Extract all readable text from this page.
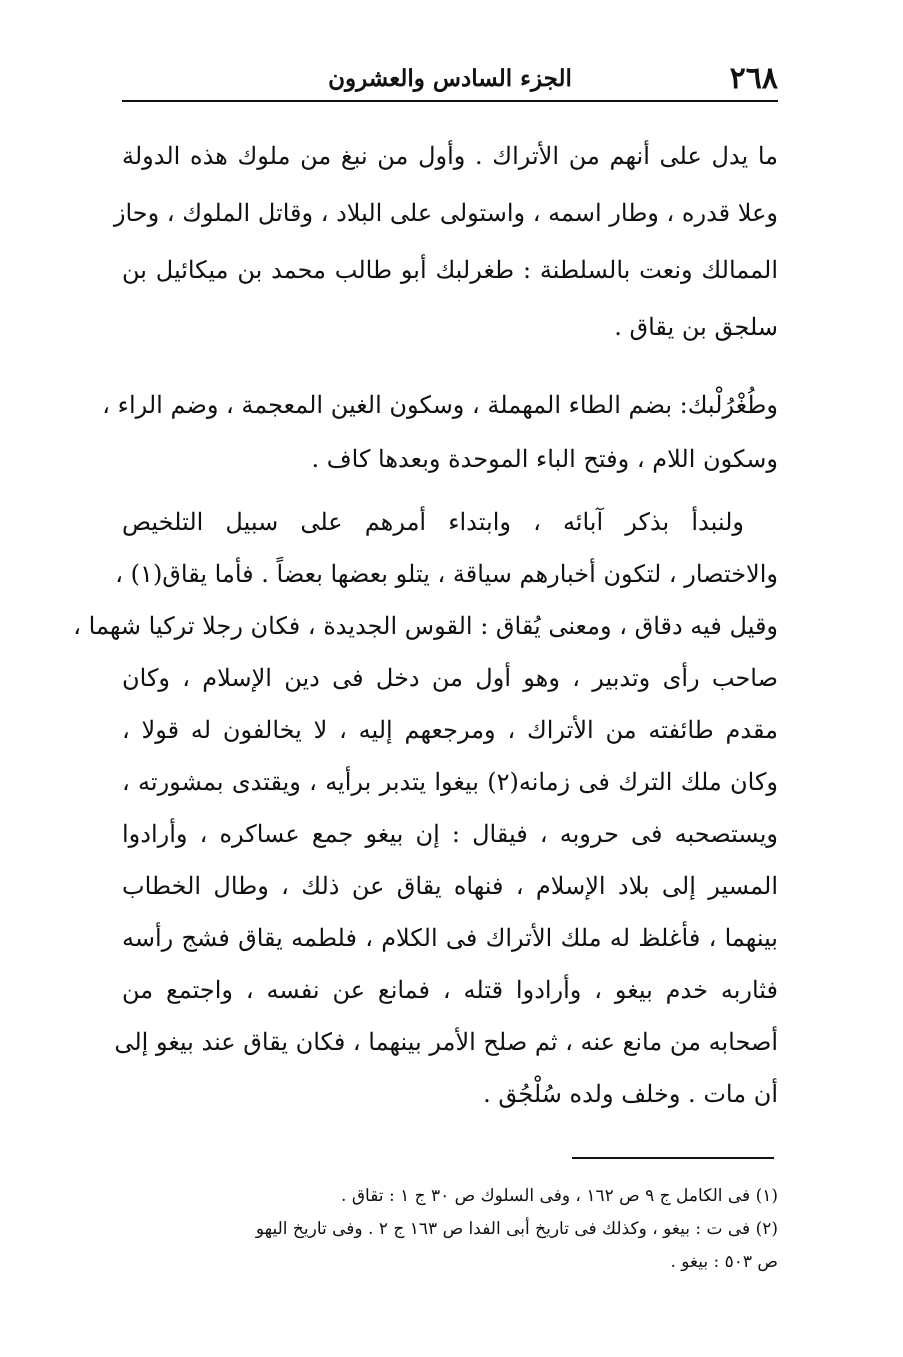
٢٦٨
الجزء السادس والعشرون

ما يدل على أنهم من الأتراك . وأول من نبغ من ملوك هذه الدولة
وعلا قدره ، وطار اسمه ، واستولى على البلاد ، وقاتل الملوك ، وحاز
الممالك ونعت بالسلطنة : طغرلبك أبو طالب محمد بن ميكائيل بن
سلجق بن يقاق .

وطُغْرُلْبك: بضم الطاء المهملة ، وسكون الغين المعجمة ، وضم الراء ،
وسكون اللام ، وفتح الباء الموحدة وبعدها كاف .

ولنبدأ بذكر آبائه ، وابتداء أمرهم على سبيل التلخيص
والاختصار ، لتكون أخبارهم سياقة ، يتلو بعضها بعضاً . فأما يقاق(١) ،
وقيل فيه دقاق ، ومعنى يُقاق : القوس الجديدة ، فكان رجلا تركيا شهما ،
صاحب رأى وتدبير ، وهو أول من دخل فى دين الإسلام ، وكان
مقدم طائفته من الأتراك ، ومرجعهم إليه ، لا يخالفون له قولا ،
وكان ملك الترك فى زمانه(٢) بيغوا يتدبر برأيه ، ويقتدى بمشورته ،
ويستصحبه فى حروبه ، فيقال : إن بيغو جمع عساكره ، وأرادوا
المسير إلى بلاد الإسلام ، فنهاه يقاق عن ذلك ، وطال الخطاب
بينهما ، فأغلظ له ملك الأتراك فى الكلام ، فلطمه يقاق فشج رأسه
فثاربه خدم بيغو ، وأرادوا قتله ، فمانع عن نفسه ، واجتمع من
أصحابه من مانع عنه ، ثم صلح الأمر بينهما ، فكان يقاق عند بيغو إلى
أن مات . وخلف ولده سُلْجُق .

(١) فى الكامل ج ٩ ص ١٦٢ ، وفى السلوك ص ٣٠ ج ١ : تقاق .
(٢) فى ت : بيغو ، وكذلك فى تاريخ أبى الفدا ص ١٦٣ ج ٢ . وفى تاريخ اليهو
ص ٥٠٣ : بيغو .
